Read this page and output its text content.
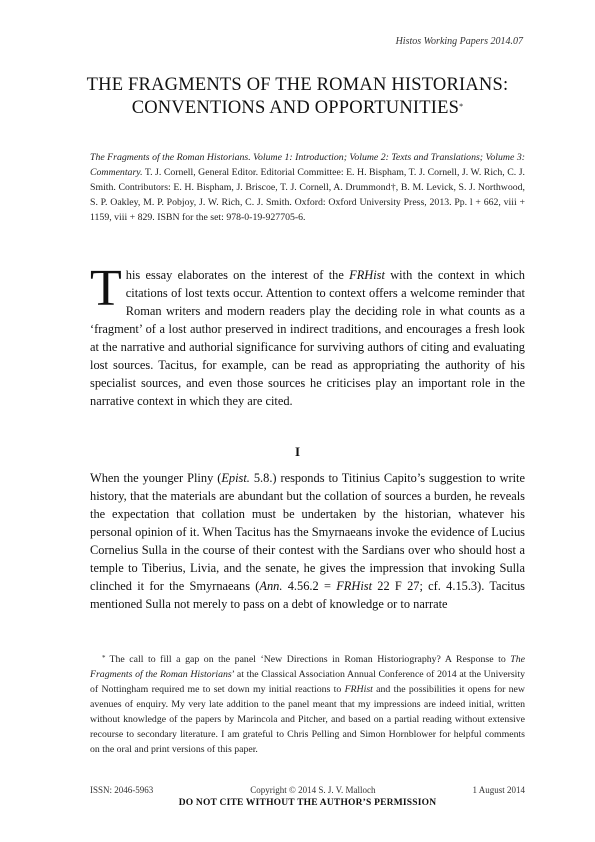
Histos Working Papers 2014.07
THE FRAGMENTS OF THE ROMAN HISTORIANS:
CONVENTIONS AND OPPORTUNITIES*
The Fragments of the Roman Historians. Volume 1: Introduction; Volume 2: Texts and Translations; Volume 3: Commentary. T. J. Cornell, General Editor. Editorial Committee: E. H. Bispham, T. J. Cornell, J. W. Rich, C. J. Smith. Contributors: E. H. Bispham, J. Briscoe, T. J. Cornell, A. Drummond†, B. M. Levick, S. J. Northwood, S. P. Oakley, M. P. Pobjoy, J. W. Rich, C. J. Smith. Oxford: Oxford University Press, 2013. Pp. l + 662, viii + 1159, viii + 829. ISBN for the set: 978-0-19-927705-6.
This essay elaborates on the interest of the FRHist with the context in which citations of lost texts occur. Attention to context offers a welcome reminder that Roman writers and modern readers play the deciding role in what counts as a ‘fragment’ of a lost author preserved in indirect traditions, and encourages a fresh look at the narrative and authorial significance for surviving authors of citing and evaluating lost sources. Tacitus, for example, can be read as appropriating the authority of his specialist sources, and even those sources he criticises play an important role in the narrative context in which they are cited.
I
When the younger Pliny (Epist. 5.8.) responds to Titinius Capito’s suggestion to write history, that the materials are abundant but the collation of sources a burden, he reveals the expectation that collation must be undertaken by the historian, whatever his personal opinion of it. When Tacitus has the Smyrnaeans invoke the evidence of Lucius Cornelius Sulla in the course of their contest with the Sardians over who should host a temple to Tiberius, Livia, and the senate, he gives the impression that invoking Sulla clinched it for the Smyrnaeans (Ann. 4.56.2 = FRHist 22 F 27; cf. 4.15.3). Tacitus mentioned Sulla not merely to pass on a debt of knowledge or to narrate
* The call to fill a gap on the panel ‘New Directions in Roman Historiography? A Response to The Fragments of the Roman Historians’ at the Classical Association Annual Conference of 2014 at the University of Nottingham required me to set down my initial reactions to FRHist and the possibilities it opens for new avenues of enquiry. My very late addition to the panel meant that my impressions are indeed initial, written without knowledge of the papers by Marincola and Pitcher, and based on a partial reading without extensive recourse to secondary literature. I am grateful to Chris Pelling and Simon Hornblower for helpful comments on the oral and print versions of this paper.
ISSN: 2046-5963	Copyright © 2014 S. J. V. Malloch	1 August 2014
DO NOT CITE WITHOUT THE AUTHOR’S PERMISSION
